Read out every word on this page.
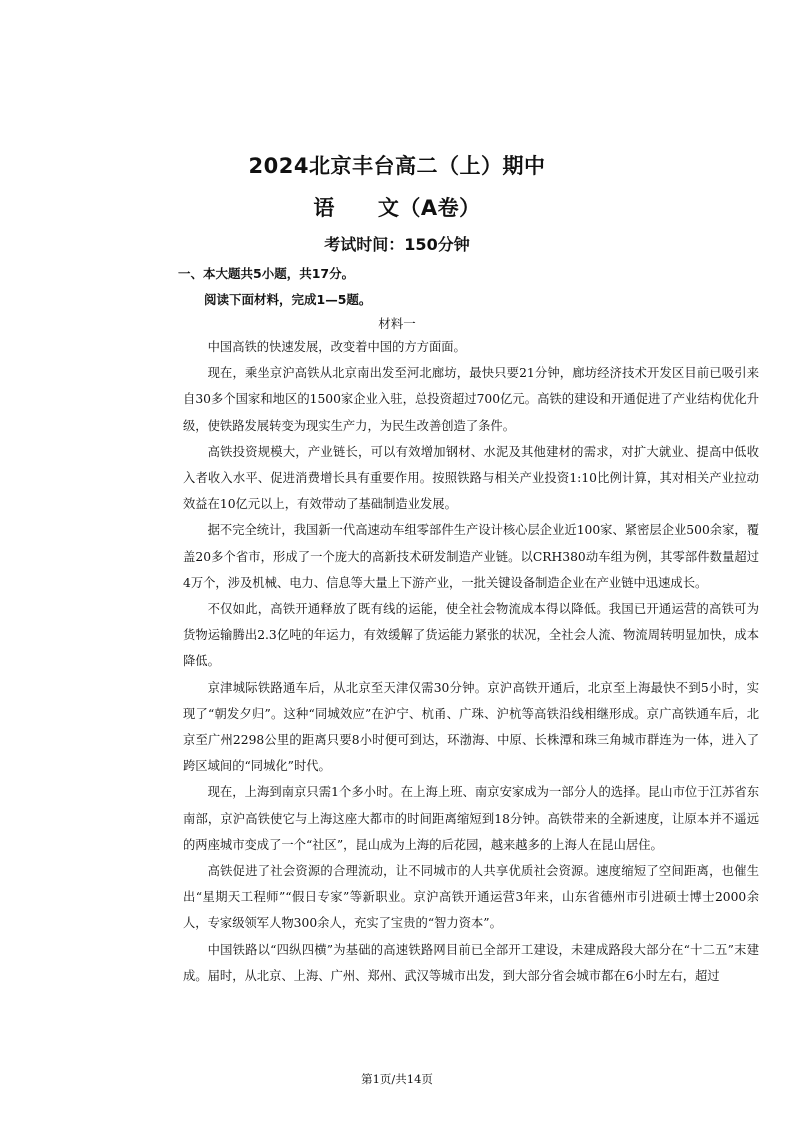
2024北京丰台高二（上）期中
语　　文（A卷）
考试时间：150分钟
一、本大题共5小题，共17分。
阅读下面材料，完成1—5题。
材料一

中国高铁的快速发展，改变着中国的方方面面。

现在，乘坐京沪高铁从北京南出发至河北廊坊，最快只要21分钟，廊坊经济技术开发区目前已吸引来自30多个国家和地区的1500家企业入驻，总投资超过700亿元。高铁的建设和开通促进了产业结构优化升级，使铁路发展转变为现实生产力，为民生改善创造了条件。

高铁投资规模大，产业链长，可以有效增加钢材、水泥及其他建材的需求，对扩大就业、提高中低收入者收入水平、促进消费增长具有重要作用。按照铁路与相关产业投资1:10比例计算，其对相关产业拉动效益在10亿元以上，有效带动了基础制造业发展。

据不完全统计，我国新一代高速动车组零部件生产设计核心层企业近100家、紧密层企业500余家，覆盖20多个省市，形成了一个庞大的高新技术研发制造产业链。以CRH380动车组为例，其零部件数量超过4万个，涉及机械、电力、信息等大量上下游产业，一批关键设备制造企业在产业链中迅速成长。

不仅如此，高铁开通释放了既有线的运能，使全社会物流成本得以降低。我国已开通运营的高铁可为货物运输腾出2.3亿吨的年运力，有效缓解了货运能力紧张的状况，全社会人流、物流周转明显加快，成本降低。

京津城际铁路通车后，从北京至天津仅需30分钟。京沪高铁开通后，北京至上海最快不到5小时，实现了“朝发夕归”。这种“同城效应”在沪宁、杭甬、广珠、沪杭等高铁沿线相继形成。京广高铁通车后，北京至广州2298公里的距离只要8小时便可到达，环渤海、中原、长株潭和珠三角城市群连为一体，进入了跨区域间的“同城化”时代。

现在，上海到南京只需1个多小时。在上海上班、南京安家成为一部分人的选择。昆山市位于江苏省东南部，京沪高铁使它与上海这座大都市的时间距离缩短到18分钟。高铁带来的全新速度，让原本并不遥远的两座城市变成了一个“社区”，昆山成为上海的后花园，越来越多的上海人在昆山居住。

高铁促进了社会资源的合理流动，让不同城市的人共享优质社会资源。速度缩短了空间距离，也催生出“星期天工程师”“假日专家”等新职业。京沪高铁开通运营3年来，山东省德州市引进硕士博士2000余人，专家级领军人物300余人，充实了宝贵的“智力资本”。

中国铁路以“四纵四横”为基础的高速铁路网目前已全部开工建设，未建成路段大部分在“十二五”末建成。届时，从北京、上海、广州、郑州、武汉等城市出发，到大部分省会城市都在6小时左右，超过

第1页/共14页
